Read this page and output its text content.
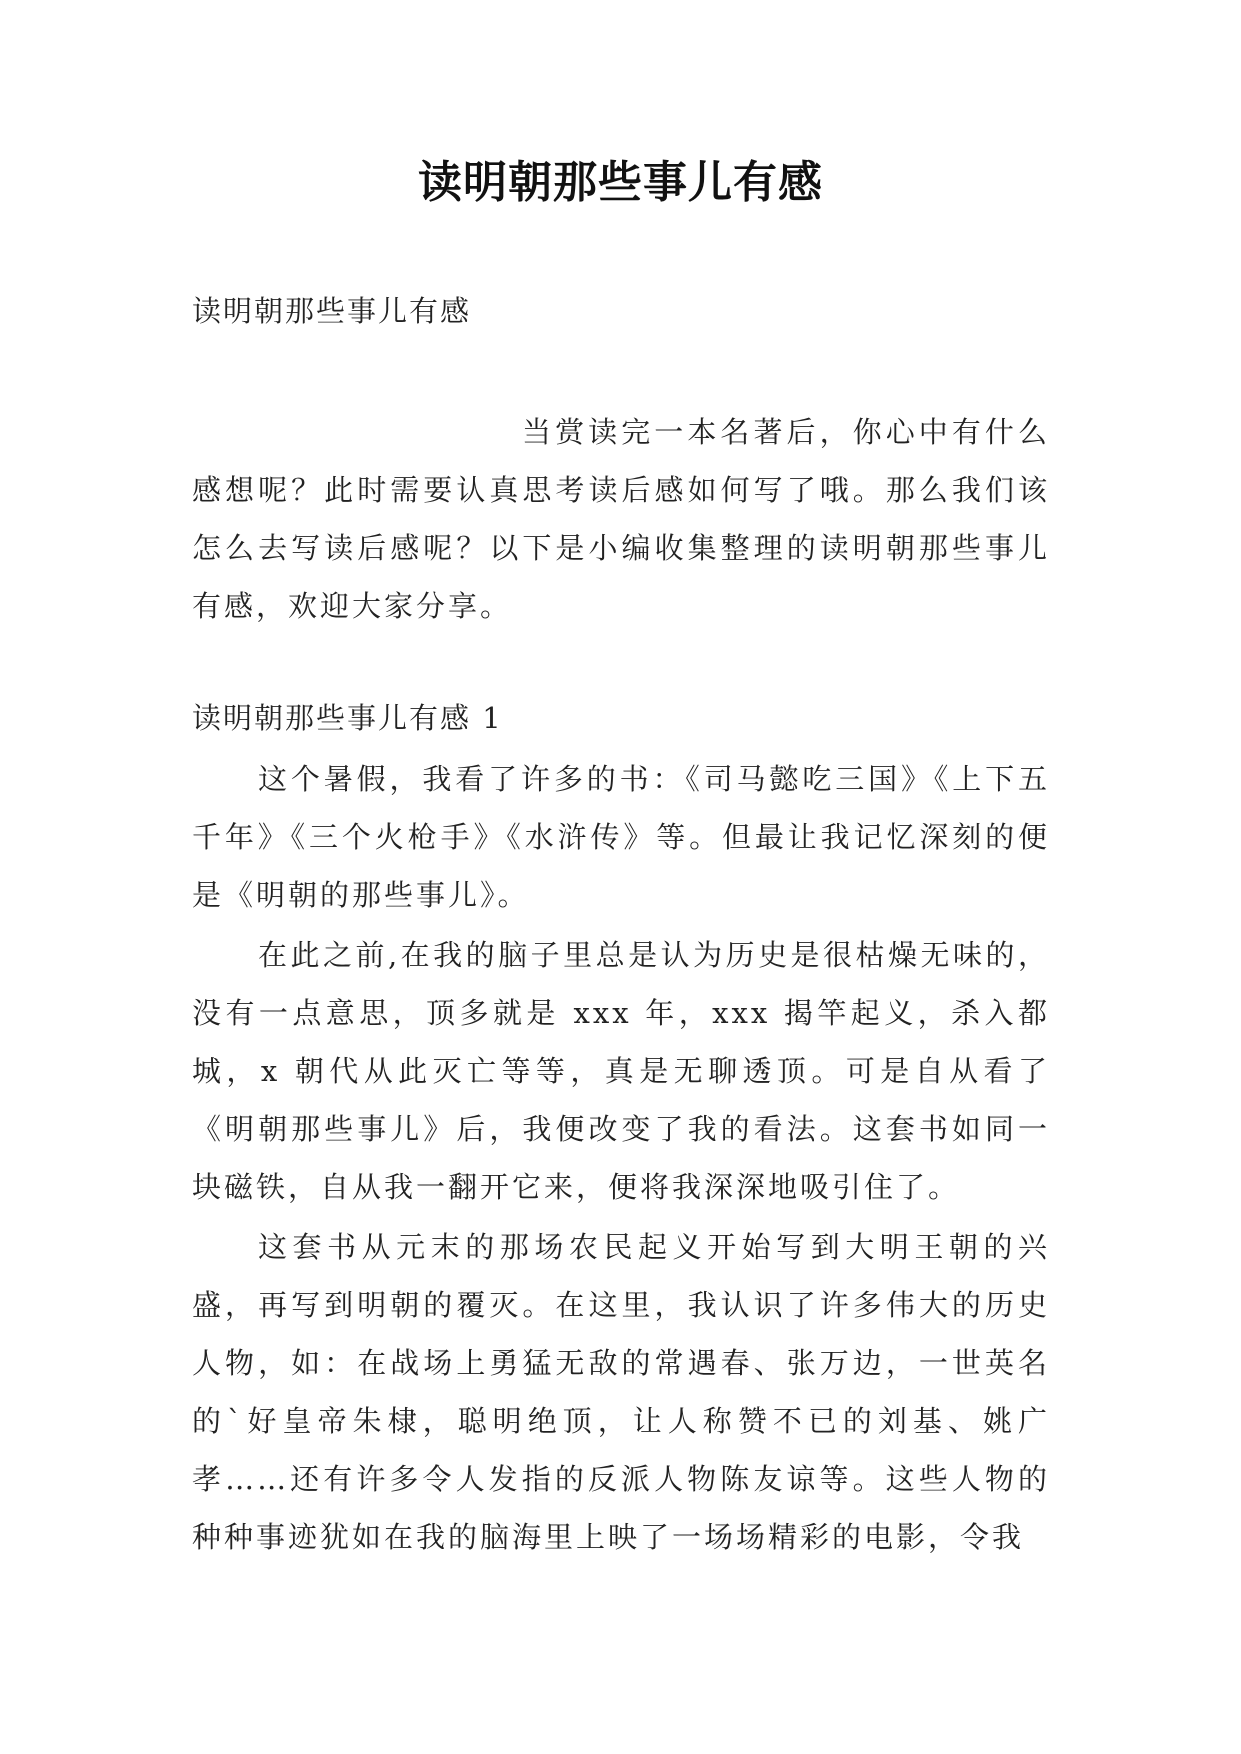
读明朝那些事儿有感
读明朝那些事儿有感

当赏读完一本名著后，你心中有什么感想呢？此时需要认真思考读后感如何写了哦。那么我们该怎么去写读后感呢？以下是小编收集整理的读明朝那些事儿有感，欢迎大家分享。

读明朝那些事儿有感 1

这个暑假，我看了许多的书：《司马懿吃三国》《上下五千年》《三个火枪手》《水浒传》等。但最让我记忆深刻的便是《明朝的那些事儿》。

在此之前,在我的脑子里总是认为历史是很枯燥无味的，没有一点意思，顶多就是 xxx 年，xxx 揭竿起义，杀入都城，x 朝代从此灭亡等等，真是无聊透顶。可是自从看了《明朝那些事儿》后，我便改变了我的看法。这套书如同一块磁铁，自从我一翻开它来，便将我深深地吸引住了。

这套书从元末的那场农民起义开始写到大明王朝的兴盛，再写到明朝的覆灭。在这里，我认识了许多伟大的历史人物，如：在战场上勇猛无敌的常遇春、张万边，一世英名的`好皇帝朱棣，聪明绝顶，让人称赞不已的刘基、姚广孝……还有许多令人发指的反派人物陈友谅等。这些人物的种种事迹犹如在我的脑海里上映了一场场精彩的电影，令我
